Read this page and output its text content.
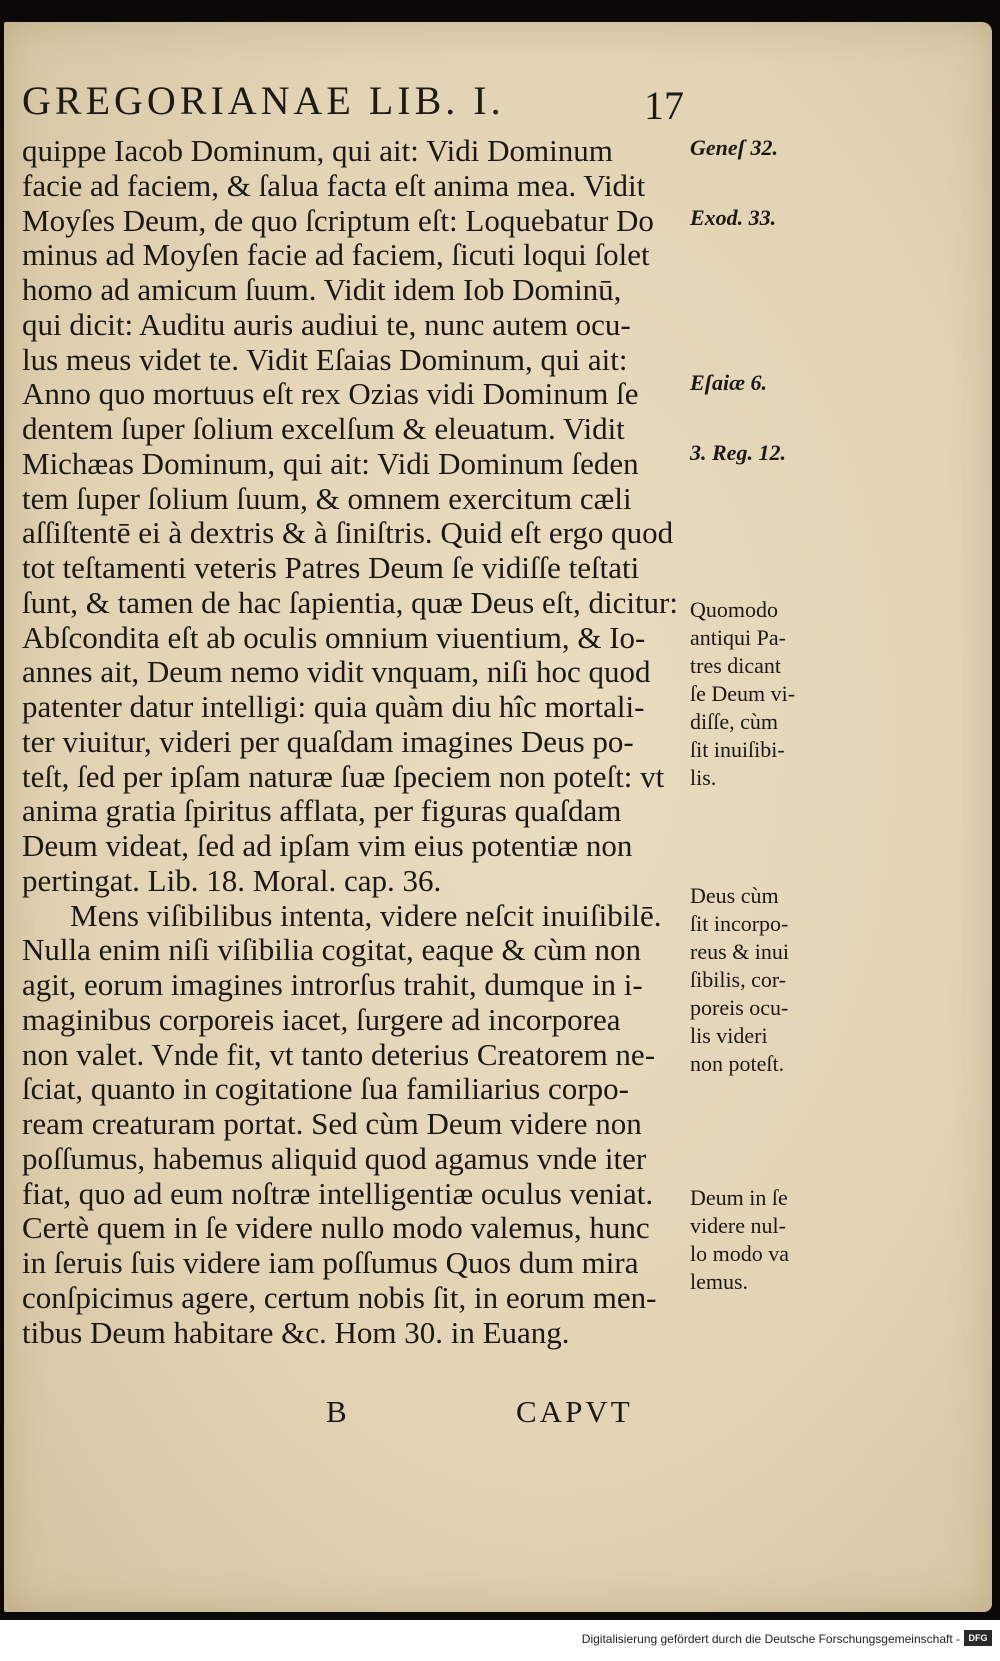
GREGORIANAE LIB. I.	17
quippe Iacob Dominum, qui ait: Vidi Dominum
facie ad faciem, & ſalua facta eſt anima mea. Vidit
Moyſes Deum, de quo ſcriptum eſt: Loquebatur Do
minus ad Moyſen facie ad faciem, ſicuti loqui ſolet
homo ad amicum ſuum. Vidit idem Iob Dominū,
qui dicit: Auditu auris audiui te, nunc autem ocu-
lus meus videt te. Vidit Eſaias Dominum, qui ait:
Anno quo mortuus eſt rex Ozias vidi Dominum ſe
dentem ſuper ſolium excelſum & eleuatum. Vidit
Michæas Dominum, qui ait: Vidi Dominum ſeden
tem ſuper ſolium ſuum, & omnem exercitum cæli
aſſiſtentē ei à dextris & à ſiniſtris. Quid eſt ergo quod
tot teſtamenti veteris Patres Deum ſe vidiſſe teſtati
ſunt, & tamen de hac ſapientia, quæ Deus eſt, dicitur:
Abſcondita eſt ab oculis omnium viuentium, & Io-
annes ait, Deum nemo vidit vnquam, niſi hoc quod
patenter datur intelligi: quia quàm diu hîc mortali-
ter viuitur, videri per quaſdam imagines Deus po-
teſt, ſed per ipſam naturæ ſuæ ſpeciem non poteſt: vt
anima gratia ſpiritus afflata, per figuras quaſdam
Deum videat, ſed ad ipſam vim eius potentiæ non
pertingat. Lib. 18. Moral. cap. 36.
Mens viſibilibus intenta, videre neſcit inuiſibilē.
Nulla enim niſi viſibilia cogitat, eaque & cùm non
agit, eorum imagines introrſus trahit, dumque in i-
maginibus corporeis iacet, ſurgere ad incorporea
non valet. Vnde fit, vt tanto deterius Creatorem ne-
ſciat, quanto in cogitatione ſua familiarius corpo-
ream creaturam portat. Sed cùm Deum videre non
poſſumus, habemus aliquid quod agamus vnde iter
fiat, quo ad eum noſtræ intelligentiæ oculus veniat.
Certè quem in ſe videre nullo modo valemus, hunc
in ſeruis ſuis videre iam poſſumus Quos dum mira
conſpicimus agere, certum nobis ſit, in eorum men-
tibus Deum habitare &c. Hom 30. in Euang.
Geneſ 32.
Exod. 33.
Eſaiæ 6.
3. Reg. 12.
Quomodo
antiqui Pa-
tres dicant
ſe Deum vi-
diſſe, cùm
ſit inuiſibi-
lis.
Deus cùm
ſit incorpo-
reus & inui
ſibilis, cor-
poreis ocu-
lis videri
non poteſt.
Deum in ſe
videre nul-
lo modo va
lemus.
B	CAPVT
Digitalisierung gefördert durch die Deutsche Forschungsgemeinschaft - DFG
